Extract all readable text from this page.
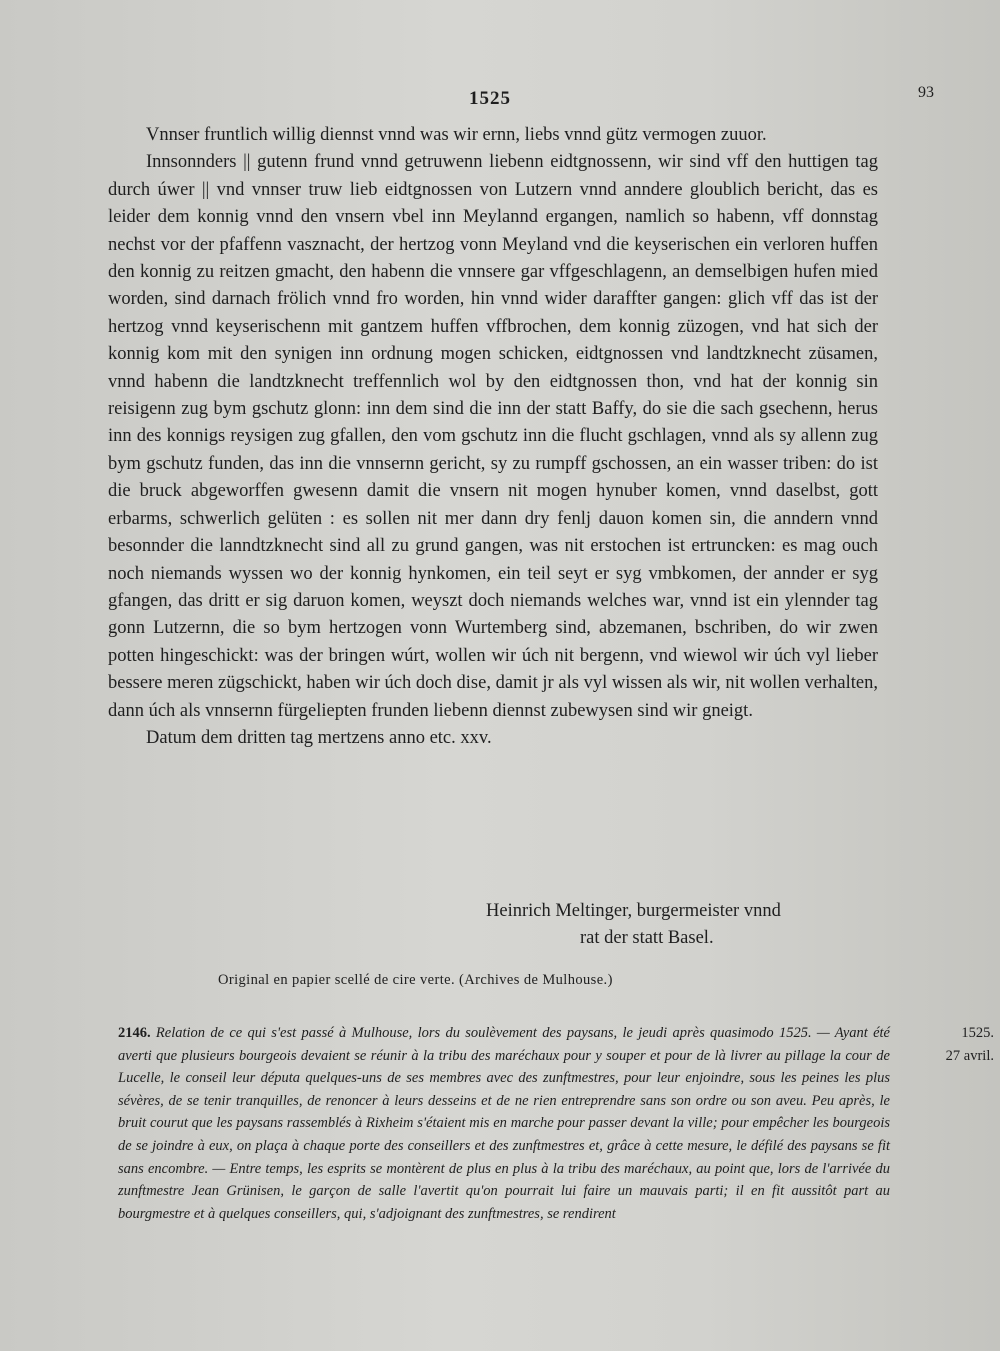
1525	93

Vnnser fruntlich willig diennst vnnd was wir ernn, liebs vnnd gütz vermogen zuuor.

Innsonnders || gutenn frund vnnd getruwenn liebenn eidtgnossenn, wir sind vff den huttigen tag durch úwer || vnd vnnser truw lieb eidtgnossen von Lutzern vnnd anndere gloublich bericht, das es leider dem konnig vnnd den vnsern vbel inn Meylannd ergangen, namlich so habenn, vff donnstag nechst vor der pfaffenn vasznacht, der hertzog vonn Meyland vnd die keyserischen ein verloren huffen den konnig zu reitzen gmacht, den habenn die vnnsere gar vffgeschlagenn, an demselbigen hufen mied worden, sind darnach frölich vnnd fro worden, hin vnnd wider daraffter gangen: glich vff das ist der hertzog vnnd keyserischenn mit gantzem huffen vffbrochen, dem konnig züzogen, vnd hat sich der konnig kom mit den synigen inn ordnung mogen schicken, eidtgnossen vnd landtzknecht züsamen, vnnd habenn die landtzknecht treffennlich wol by den eidtgnossen thon, vnd hat der konnig sin reisigenn zug bym gschutz glonn: inn dem sind die inn der statt Baffy, do sie die sach gsechenn, herus inn des konnigs reysigen zug gfallen, den vom gschutz inn die flucht gschlagen, vnnd als sy allenn zug bym gschutz funden, das inn die vnnsernn gericht, sy zu rumpff gschossen, an ein wasser triben: do ist die bruck abgeworffen gwesenn damit die vnsern nit mogen hynuber komen, vnnd daselbst, gott erbarms, schwerlich gelüten : es sollen nit mer dann dry fenlj dauon komen sin, die anndern vnnd besonnder die lanndtzknecht sind all zu grund gangen, was nit erstochen ist ertruncken: es mag ouch noch niemands wyssen wo der konnig hynkomen, ein teil seyt er syg vmbkomen, der annder er syg gfangen, das dritt er sig daruon komen, weyszt doch niemands welches war, vnnd ist ein ylennder tag gonn Lutzernn, die so bym hertzogen vonn Wurtemberg sind, abzemanen, bschriben, do wir zwen potten hingeschickt: was der bringen wúrt, wollen wir úch nit bergenn, vnd wiewol wir úch vyl lieber bessere meren zügschickt, haben wir úch doch dise, damit jr als vyl wissen als wir, nit wollen verhalten, dann úch als vnnsernn fürgeliepten frunden liebenn diennst zubewysen sind wir gneigt.

Datum dem dritten tag mertzens anno etc. xxv.

Heinrich Meltinger, burgermeister vnnd
rat der statt Basel.
Original en papier scellé de cire verte. (Archives de Mulhouse.)
2146. Relation de ce qui s'est passé à Mulhouse, lors du soulèvement des paysans, le jeudi après quasimodo 1525. — Ayant été averti que plusieurs bourgeois devaient se réunir à la tribu des maréchaux pour y souper et pour de là livrer au pillage la cour de Lucelle, le conseil leur députa quelques-uns de ses membres avec des zunftmestres, pour leur enjoindre, sous les peines les plus sévères, de se tenir tranquilles, de renoncer à leurs desseins et de ne rien entreprendre sans son ordre ou son aveu. Peu après, le bruit courut que les paysans rassemblés à Rixheim s'étaient mis en marche pour passer devant la ville; pour empêcher les bourgeois de se joindre à eux, on plaça à chaque porte des conseillers et des zunftmestres et, grâce à cette mesure, le défilé des paysans se fit sans encombre. — Entre temps, les esprits se montèrent de plus en plus à la tribu des maréchaux, au point que, lors de l'arrivée du zunftmestre Jean Grünisen, le garçon de salle l'avertit qu'on pourrait lui faire un mauvais parti; il en fit aussitôt part au bourgmestre et à quelques conseillers, qui, s'adjoignant des zunftmestres, se rendirent
1525.
27 avril.
